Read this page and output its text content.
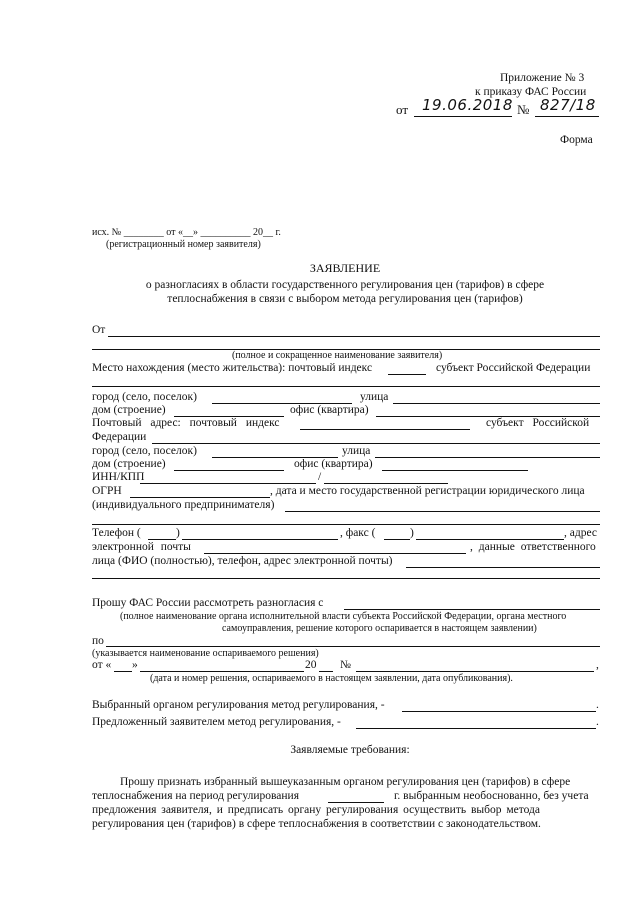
Приложение № 3
к приказу ФАС России
от 19.06.2018 № 827/18
Форма
исх. № ________ от «__» __________ 20__ г.
(регистрационный номер заявителя)
ЗАЯВЛЕНИЕ
о разногласиях в области государственного регулирования цен (тарифов) в сфере
теплоснабжения в связи с выбором метода регулирования цен (тарифов)
От
(полное и сокращенное наименование заявителя)
Место нахождения (место жительства): почтовый индекс	субъект Российской Федерации
город (село, поселок)	улица
дом (строение)	офис (квартира)
Почтовый адрес: почтовый индекс	субъект Российской
Федерации
город (село, поселок)	улица
дом (строение)	офис (квартира)
ИНН/КПП	/
ОГРН	, дата и место государственной регистрации юридического лица
(индивидуального предпринимателя)
Телефон (	)	, факс (	)	, адрес
электронной почты	, данные ответственного
лица (ФИО (полностью), телефон, адрес электронной почты)
Прошу ФАС России рассмотреть разногласия с
(полное наименование органа исполнительной власти субъекта Российской Федерации, органа местного
самоуправления, решение которого оспаривается в настоящем заявлении)
по
(указывается наименование оспариваемого решения)
от « »	20 №	,
(дата и номер решения, оспариваемого в настоящем заявлении, дата опубликования).
Выбранный органом регулирования метод регулирования, -	.
Предложенный заявителем метод регулирования, -	.
Заявляемые требования:
Прошу признать избранный вышеуказанным органом регулирования цен (тарифов) в сфере
теплоснабжения на период регулирования	г. выбранным необоснованно, без учета
предложения заявителя, и предписать органу регулирования осуществить выбор метода
регулирования цен (тарифов) в сфере теплоснабжения в соответствии с законодательством.
